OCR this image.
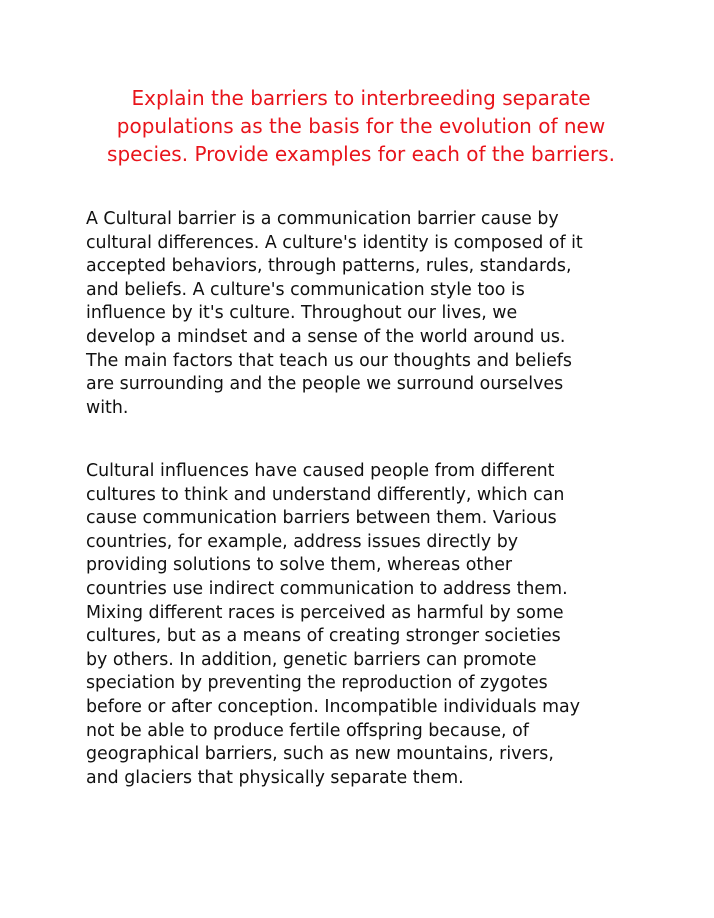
Explain the barriers to interbreeding separate populations as the basis for the evolution of new species. Provide examples for each of the barriers.

A Cultural barrier is a communication barrier cause by
cultural differences. A culture's identity is composed of it
accepted behaviors, through patterns, rules, standards,
and beliefs. A culture's communication style too is
influence by it's culture. Throughout our lives, we
develop a mindset and a sense of the world around us.
The main factors that teach us our thoughts and beliefs
are surrounding and the people we surround ourselves
with.

Cultural influences have caused people from different
cultures to think and understand differently, which can
cause communication barriers between them. Various
countries, for example, address issues directly by
providing solutions to solve them, whereas other
countries use indirect communication to address them.
Mixing different races is perceived as harmful by some
cultures, but as a means of creating stronger societies
by others. In addition, genetic barriers can promote
speciation by preventing the reproduction of zygotes
before or after conception. Incompatible individuals may
not be able to produce fertile offspring because, of
geographical barriers, such as new mountains, rivers,
and glaciers that physically separate them.
